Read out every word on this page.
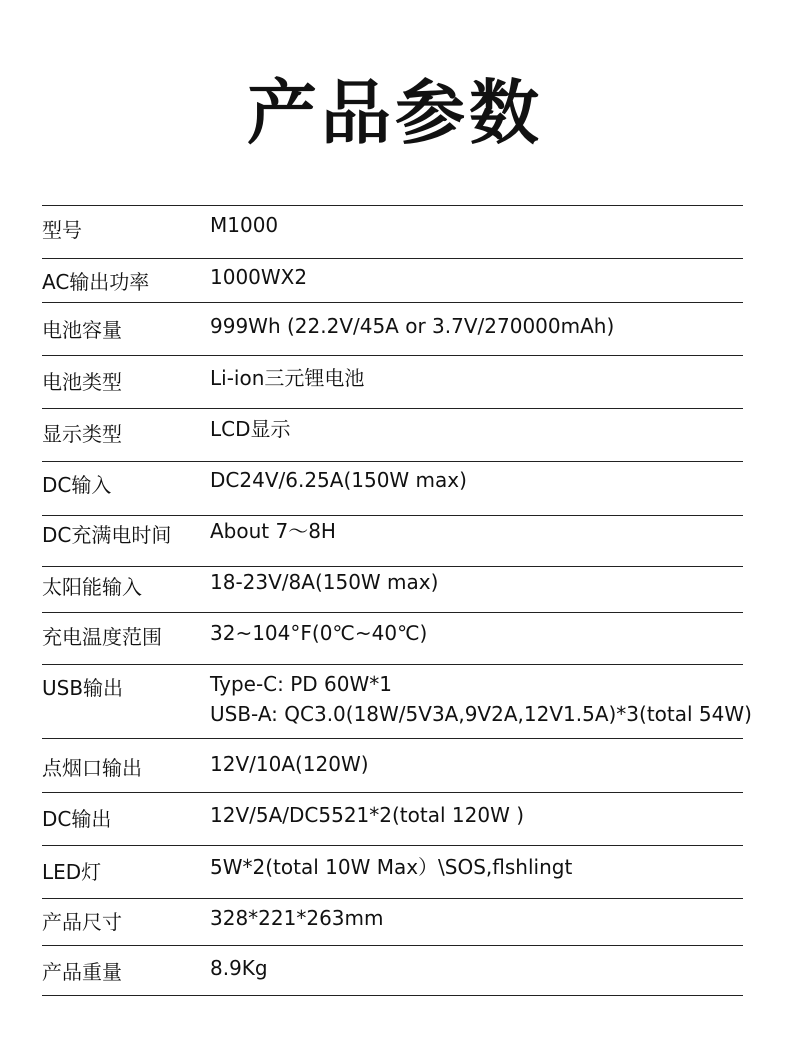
产品参数
型号	M1000
AC输出功率	1000WX2
电池容量	999Wh (22.2V/45A or 3.7V/270000mAh)
电池类型	Li-ion三元锂电池
显示类型	LCD显示
DC输入	DC24V/6.25A(150W max)
DC充满电时间 About 7～8H
太阳能输入	18-23V/8A(150W max)
充电温度范围 32~104°F(0℃~40℃)
USB输出	Type-C: PD 60W*1
USB-A: QC3.0(18W/5V3A,9V2A,12V1.5A)*3(total 54W)
点烟口输出	12V/10A(120W)
DC输出	12V/5A/DC5521*2(total 120W )
LED灯	5W*2(total 10W Max）\SOS,flshlingt
产品尺寸	328*221*263mm
产品重量	8.9Kg
